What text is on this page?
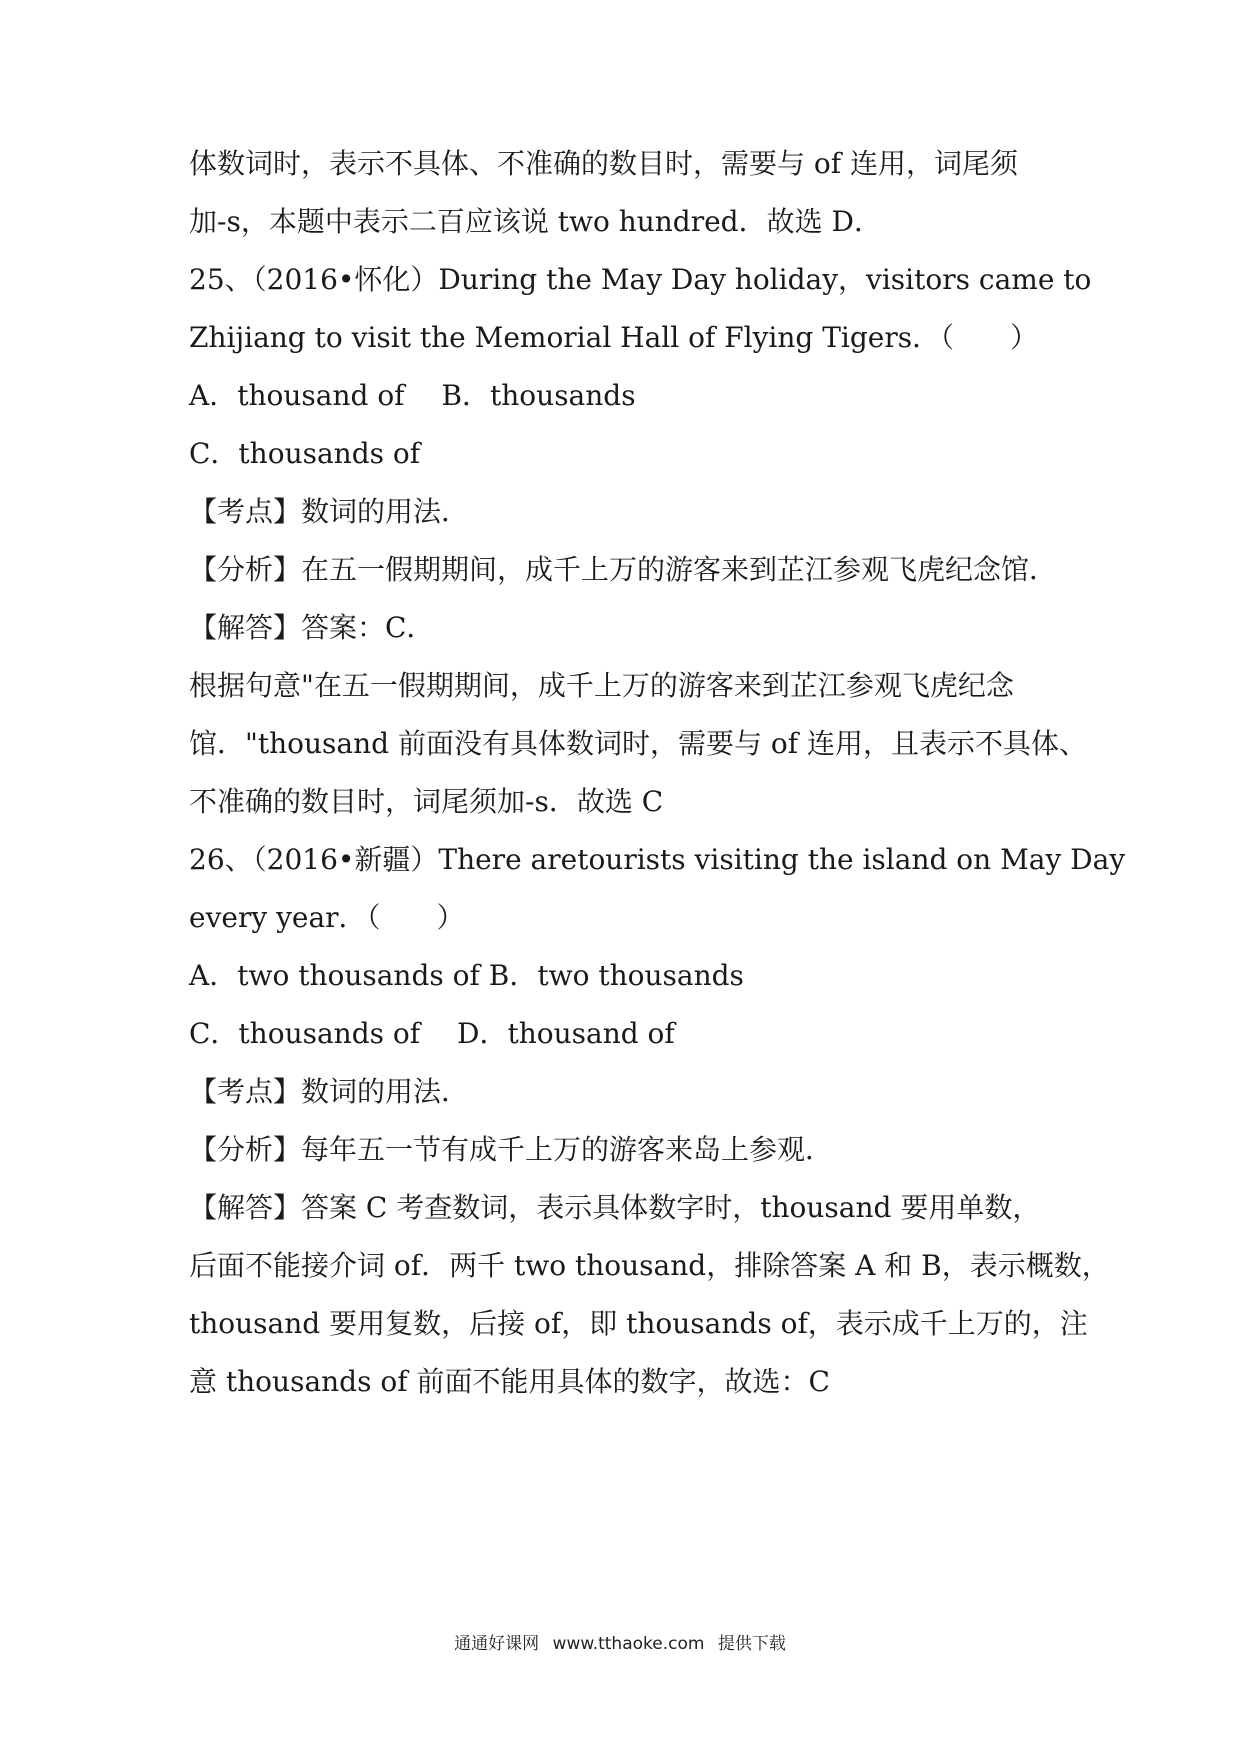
体数词时，表示不具体、不准确的数目时，需要与 of 连用，词尾须
加-s，本题中表示二百应该说 two hundred．故选 D．
25、（2016•怀化）During the May Day holiday， visitors came to
Zhijiang to visit the Memorial Hall of Flying Tigers．（　　）
A．thousand of　 B．thousands
C．thousands of
【考点】数词的用法．
【分析】在五一假期期间，成千上万的游客来到芷江参观飞虎纪念馆．
【解答】答案：C．
根据句意"在五一假期期间，成千上万的游客来到芷江参观飞虎纪念
馆．"thousand 前面没有具体数词时，需要与 of 连用，且表示不具体、
不准确的数目时，词尾须加-s．故选 C
26、（2016•新疆）There are tourists visiting the island on May Day
every year．（　　）
A．two thousands of B．two thousands
C．thousands of　 D．thousand of
【考点】数词的用法．
【分析】每年五一节有成千上万的游客来岛上参观．
【解答】答案 C 考查数词，表示具体数字时，thousand 要用单数，
后面不能接介词 of．两千 two thousand，排除答案 A 和 B，表示概数，
thousand 要用复数，后接 of，即 thousands of，表示成千上万的，注
意 thousands of 前面不能用具体的数字，故选：C
通通好课网 www.tthaoke.com 提供下载
